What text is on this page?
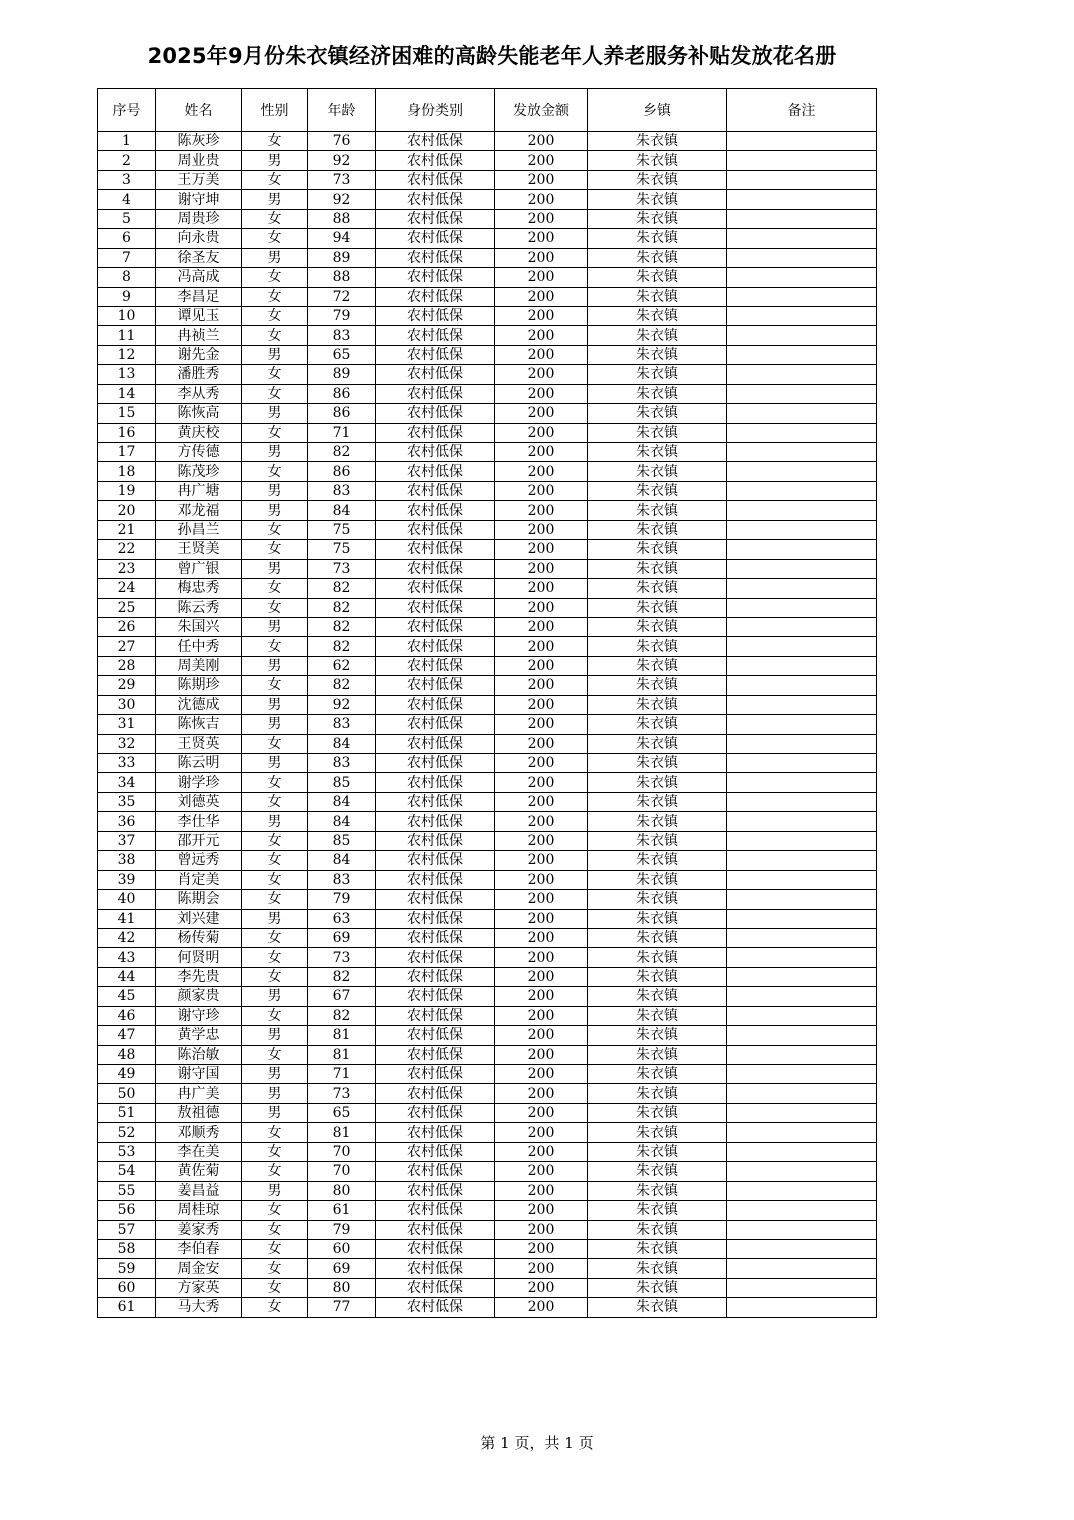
2025年9月份朱衣镇经济困难的高龄失能老年人养老服务补贴发放花名册
序号	姓名	性别	年龄	身份类别	发放金额	乡镇	备注
1	陈灰珍	女	76	农村低保	200	朱衣镇	
2	周业贵	男	92	农村低保	200	朱衣镇	
3	王万美	女	73	农村低保	200	朱衣镇	
4	谢守坤	男	92	农村低保	200	朱衣镇	
5	周贵珍	女	88	农村低保	200	朱衣镇	
6	向永贵	女	94	农村低保	200	朱衣镇	
7	徐圣友	男	89	农村低保	200	朱衣镇	
8	冯高成	女	88	农村低保	200	朱衣镇	
9	李昌足	女	72	农村低保	200	朱衣镇	
10	谭见玉	女	79	农村低保	200	朱衣镇	
11	冉祯兰	女	83	农村低保	200	朱衣镇	
12	谢先金	男	65	农村低保	200	朱衣镇	
13	潘胜秀	女	89	农村低保	200	朱衣镇	
14	李从秀	女	86	农村低保	200	朱衣镇	
15	陈恢高	男	86	农村低保	200	朱衣镇	
16	黄庆校	女	71	农村低保	200	朱衣镇	
17	方传德	男	82	农村低保	200	朱衣镇	
18	陈茂珍	女	86	农村低保	200	朱衣镇	
19	冉广塘	男	83	农村低保	200	朱衣镇	
20	邓龙福	男	84	农村低保	200	朱衣镇	
21	孙昌兰	女	75	农村低保	200	朱衣镇	
22	王贤美	女	75	农村低保	200	朱衣镇	
23	曾广银	男	73	农村低保	200	朱衣镇	
24	梅忠秀	女	82	农村低保	200	朱衣镇	
25	陈云秀	女	82	农村低保	200	朱衣镇	
26	朱国兴	男	82	农村低保	200	朱衣镇	
27	任中秀	女	82	农村低保	200	朱衣镇	
28	周美刚	男	62	农村低保	200	朱衣镇	
29	陈期珍	女	82	农村低保	200	朱衣镇	
30	沈德成	男	92	农村低保	200	朱衣镇	
31	陈恢吉	男	83	农村低保	200	朱衣镇	
32	王贤英	女	84	农村低保	200	朱衣镇	
33	陈云明	男	83	农村低保	200	朱衣镇	
34	谢学珍	女	85	农村低保	200	朱衣镇	
35	刘德英	女	84	农村低保	200	朱衣镇	
36	李仕华	男	84	农村低保	200	朱衣镇	
37	邵开元	女	85	农村低保	200	朱衣镇	
38	曾远秀	女	84	农村低保	200	朱衣镇	
39	肖定美	女	83	农村低保	200	朱衣镇	
40	陈期会	女	79	农村低保	200	朱衣镇	
41	刘兴建	男	63	农村低保	200	朱衣镇	
42	杨传菊	女	69	农村低保	200	朱衣镇	
43	何贤明	女	73	农村低保	200	朱衣镇	
44	李先贵	女	82	农村低保	200	朱衣镇	
45	颜家贵	男	67	农村低保	200	朱衣镇	
46	谢守珍	女	82	农村低保	200	朱衣镇	
47	黄学忠	男	81	农村低保	200	朱衣镇	
48	陈治敏	女	81	农村低保	200	朱衣镇	
49	谢守国	男	71	农村低保	200	朱衣镇	
50	冉广美	男	73	农村低保	200	朱衣镇	
51	敖祖德	男	65	农村低保	200	朱衣镇	
52	邓顺秀	女	81	农村低保	200	朱衣镇	
53	李在美	女	70	农村低保	200	朱衣镇	
54	黄佐菊	女	70	农村低保	200	朱衣镇	
55	姜昌益	男	80	农村低保	200	朱衣镇	
56	周桂琼	女	61	农村低保	200	朱衣镇	
57	姜家秀	女	79	农村低保	200	朱衣镇	
58	李伯春	女	60	农村低保	200	朱衣镇	
59	周金安	女	69	农村低保	200	朱衣镇	
60	方家英	女	80	农村低保	200	朱衣镇	
61	马大秀	女	77	农村低保	200	朱衣镇	
第 1 页，共 1 页
